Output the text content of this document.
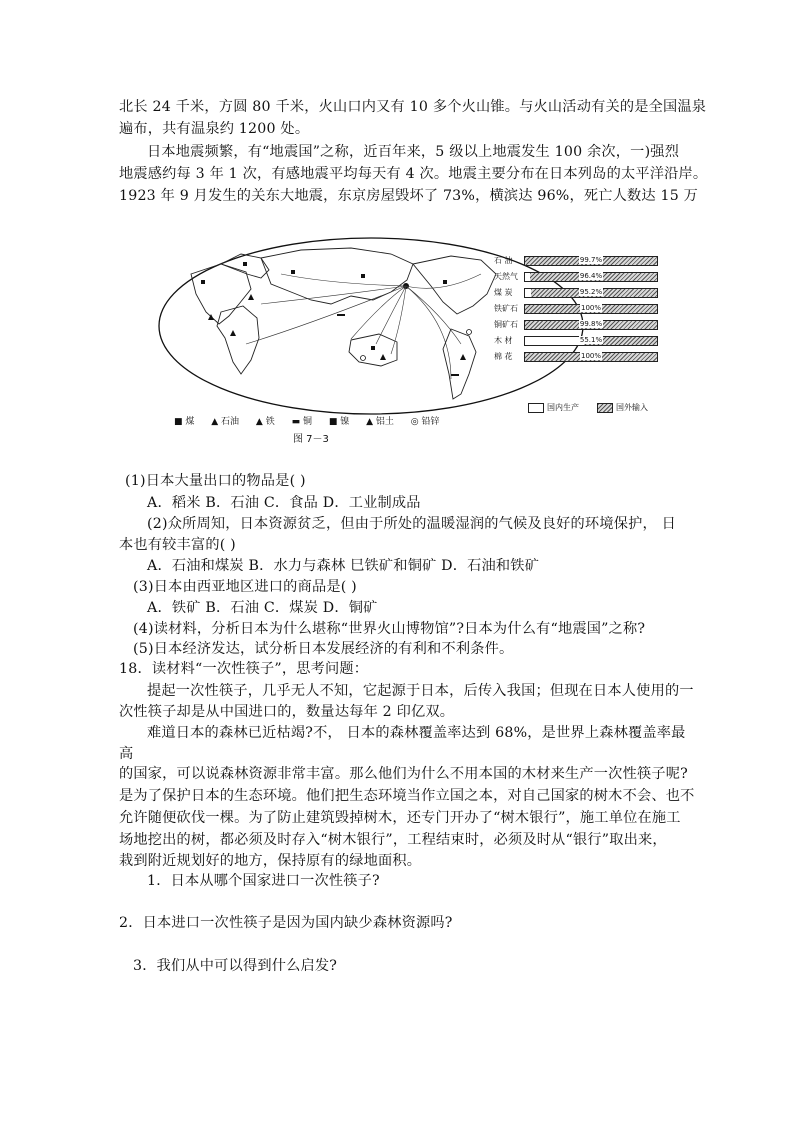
北长 24 千米，方圆 80 千米，火山口内又有 10 多个火山锥。与火山活动有关的是全国温泉
遍布，共有温泉约 1200 处。
日本地震频繁，有“地震国”之称，近百年来，5 级以上地震发生 100 余次，一)强烈
地震感约每 3 年 1 次，有感地震平均每天有 4 次。地震主要分布在日本列岛的太平洋沿岸。
1923 年 9 月发生的关东大地震，东京房屋毁坏了 73%，横滨达 96%，死亡人数达 15 万
■ 煤 ▲ 石油 ▲ 铁 ▬ 铜 ■ 镍 ▲ 铝土 ◎ 铅锌
图 7－3
石 油	99.7%
天然气	96.4%
煤 炭	95.2%
铁矿石	100%
铜矿石	99.8%
木 材	55.1%
棉 花	100%
国内生产	国外输入
(1)日本大量出口的物品是( )
A．稻米 B．石油 C．食品 D．工业制成品
(2)众所周知，日本资源贫乏，但由于所处的温暖湿润的气候及良好的环境保护， 日
本也有较丰富的( )
A．石油和煤炭 B．水力与森林 巳铁矿和铜矿 D．石油和铁矿
(3)日本由西亚地区进口的商品是( )
A．铁矿 B．石油 C．煤炭 D．铜矿
(4)读材料，分析日本为什么堪称“世界火山博物馆”?日本为什么有“地震国”之称?
(5)日本经济发达，试分析日本发展经济的有利和不利条件。
18．读材料“一次性筷子”，思考问题：
提起一次性筷子，几乎无人不知，它起源于日本，后传入我国；但现在日本人使用的一
次性筷子却是从中国进口的，数量达每年 2 印亿双。
难道日本的森林已近枯竭?不， 日本的森林覆盖率达到 68%，是世界上森林覆盖率最
高
的国家，可以说森林资源非常丰富。那么他们为什么不用本国的木材来生产一次性筷子呢?
是为了保护日本的生态环境。他们把生态环境当作立国之本，对自己国家的树木不会、也不
允许随便砍伐一棵。为了防止建筑毁掉树木，还专门开办了“树木银行”，施工单位在施工
场地挖出的树，都必须及时存入“树木银行”，工程结束时，必须及时从“银行”取出来，
栽到附近规划好的地方，保持原有的绿地面积。
1．日本从哪个国家进口一次性筷子?
2．日本进口一次性筷子是因为国内缺少森林资源吗?
3．我们从中可以得到什么启发?
